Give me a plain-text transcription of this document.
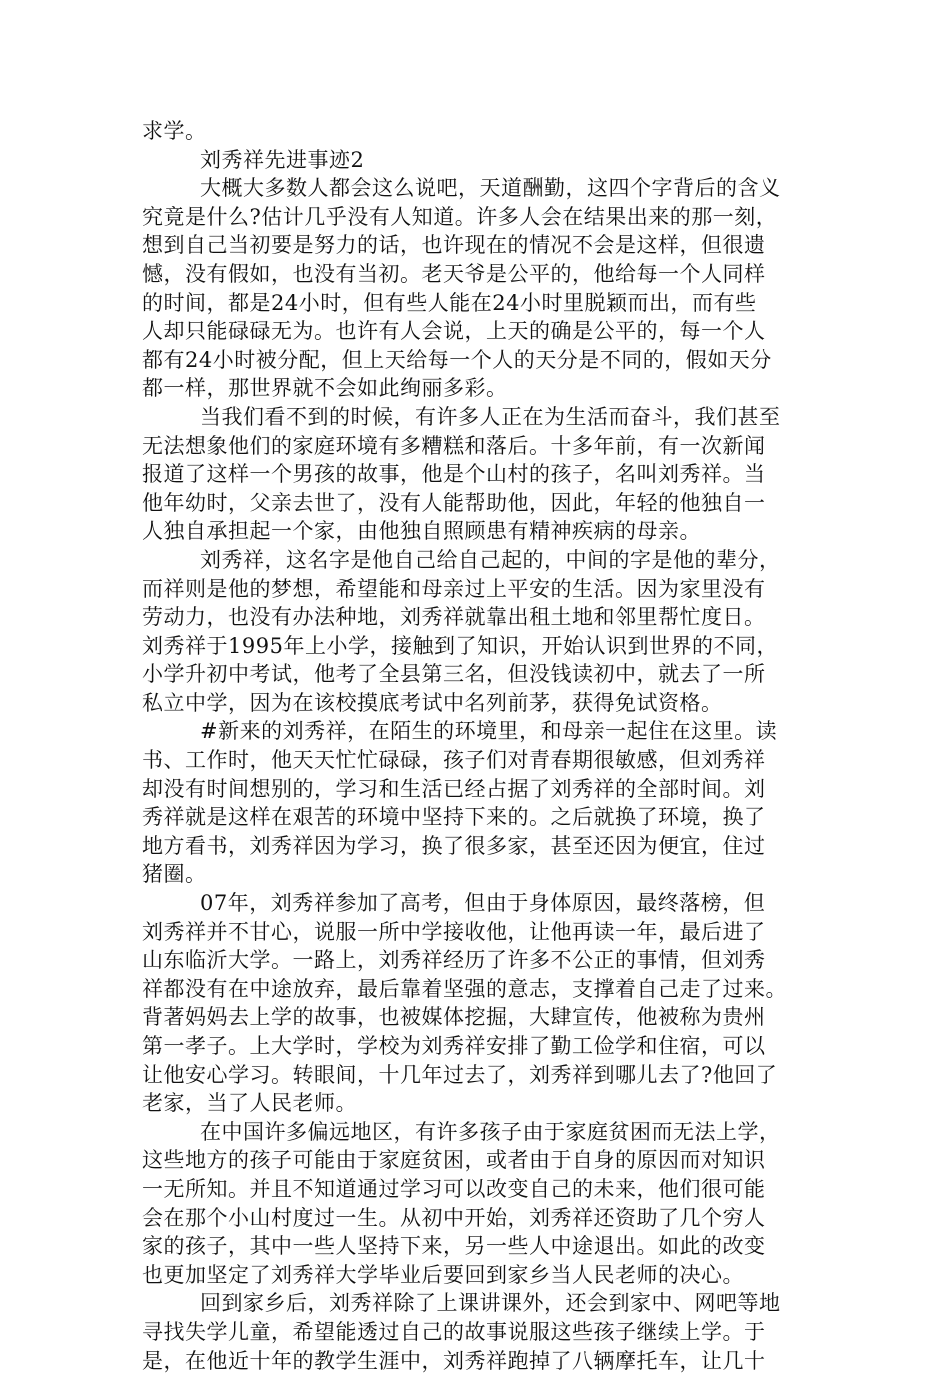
求学。
刘秀祥先进事迹2
大概大多数人都会这么说吧，天道酬勤，这四个字背后的含义
究竟是什么?估计几乎没有人知道。许多人会在结果出来的那一刻，
想到自己当初要是努力的话，也许现在的情况不会是这样，但很遗
憾，没有假如，也没有当初。老天爷是公平的，他给每一个人同样
的时间，都是24小时，但有些人能在24小时里脱颖而出，而有些
人却只能碌碌无为。也许有人会说，上天的确是公平的，每一个人
都有24小时被分配，但上天给每一个人的天分是不同的，假如天分
都一样，那世界就不会如此绚丽多彩。
当我们看不到的时候，有许多人正在为生活而奋斗，我们甚至
无法想象他们的家庭环境有多糟糕和落后。十多年前，有一次新闻
报道了这样一个男孩的故事，他是个山村的孩子，名叫刘秀祥。当
他年幼时，父亲去世了，没有人能帮助他，因此，年轻的他独自一
人独自承担起一个家，由他独自照顾患有精神疾病的母亲。
刘秀祥，这名字是他自己给自己起的，中间的字是他的辈分，
而祥则是他的梦想，希望能和母亲过上平安的生活。因为家里没有
劳动力，也没有办法种地，刘秀祥就靠出租土地和邻里帮忙度日。
刘秀祥于1995年上小学，接触到了知识，开始认识到世界的不同，
小学升初中考试，他考了全县第三名，但没钱读初中，就去了一所
私立中学，因为在该校摸底考试中名列前茅，获得免试资格。
#新来的刘秀祥，在陌生的环境里，和母亲一起住在这里。读
书、工作时，他天天忙忙碌碌，孩子们对青春期很敏感，但刘秀祥
却没有时间想别的，学习和生活已经占据了刘秀祥的全部时间。刘
秀祥就是这样在艰苦的环境中坚持下来的。之后就换了环境，换了
地方看书，刘秀祥因为学习，换了很多家，甚至还因为便宜，住过
猪圈。
07年，刘秀祥参加了高考，但由于身体原因，最终落榜，但
刘秀祥并不甘心，说服一所中学接收他，让他再读一年，最后进了
山东临沂大学。一路上，刘秀祥经历了许多不公正的事情，但刘秀
祥都没有在中途放弃，最后靠着坚强的意志，支撑着自己走了过来。
背著妈妈去上学的故事，也被媒体挖掘，大肆宣传，他被称为贵州
第一孝子。上大学时，学校为刘秀祥安排了勤工俭学和住宿，可以
让他安心学习。转眼间，十几年过去了，刘秀祥到哪儿去了?他回了
老家，当了人民老师。
在中国许多偏远地区，有许多孩子由于家庭贫困而无法上学，
这些地方的孩子可能由于家庭贫困，或者由于自身的原因而对知识
一无所知。并且不知道通过学习可以改变自己的未来，他们很可能
会在那个小山村度过一生。从初中开始，刘秀祥还资助了几个穷人
家的孩子，其中一些人坚持下来，另一些人中途退出。如此的改变
也更加坚定了刘秀祥大学毕业后要回到家乡当人民老师的决心。
回到家乡后，刘秀祥除了上课讲课外，还会到家中、网吧等地
寻找失学儿童，希望能透过自己的故事说服这些孩子继续上学。于
是，在他近十年的教学生涯中，刘秀祥跑掉了八辆摩托车，让几十
